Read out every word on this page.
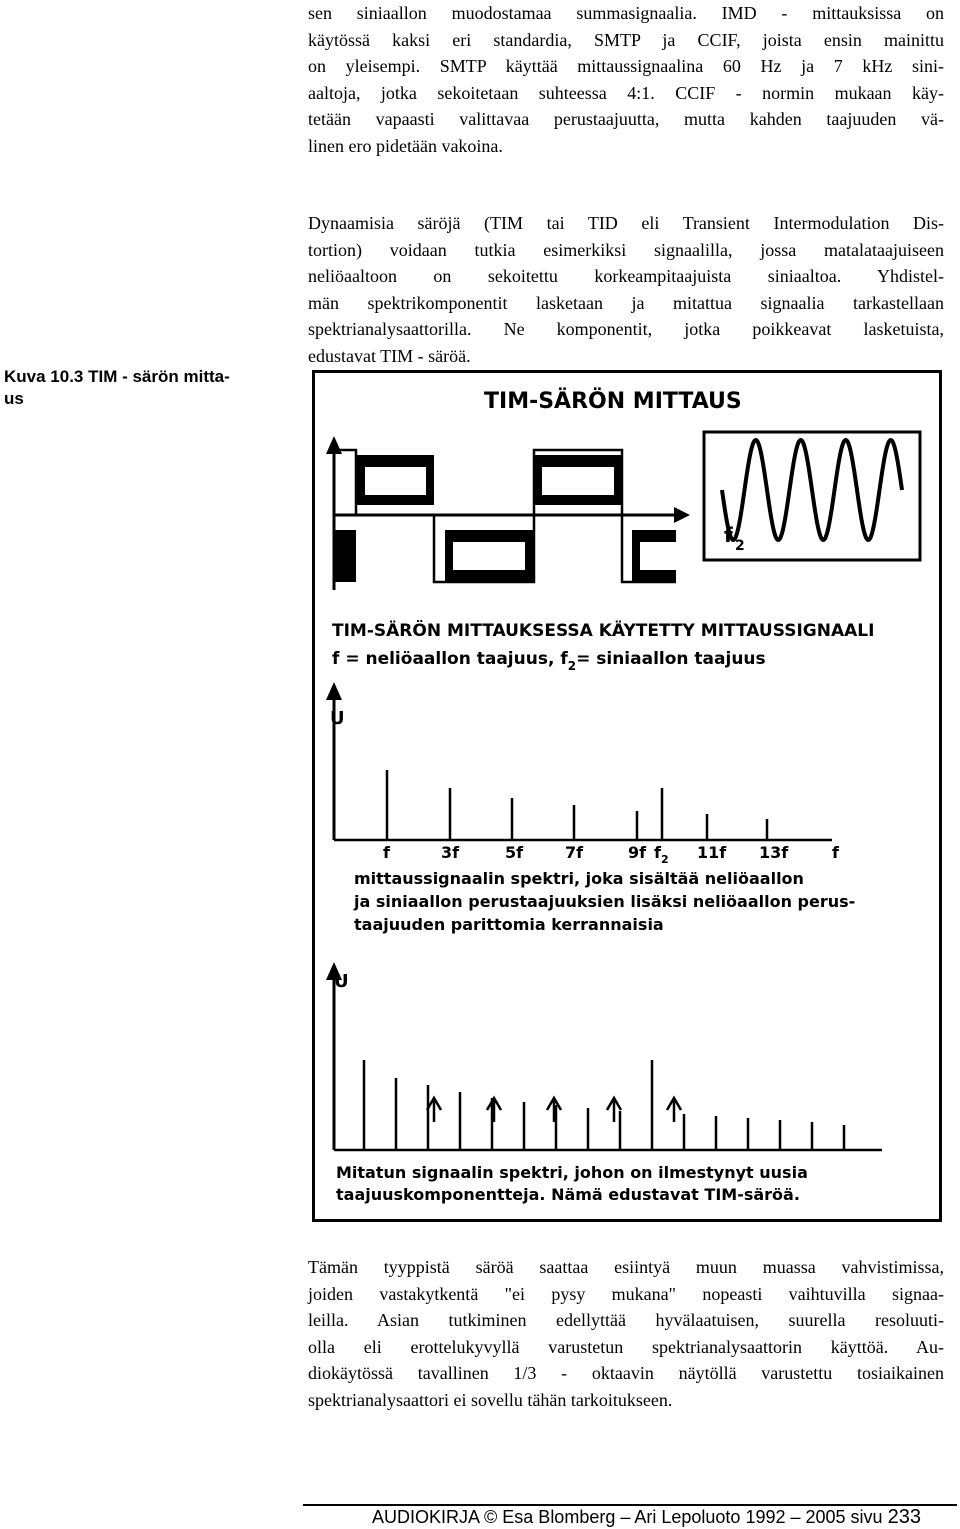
sen siniaallon muodostamaa summasignaalia. IMD - mittauksissa on
käytössä kaksi eri standardia, SMTP ja CCIF, joista ensin mainittu
on yleisempi. SMTP käyttää mittaussignaalina 60 Hz ja 7 kHz sini-
aaltoja, jotka sekoitetaan suhteessa 4:1. CCIF - normin mukaan käy-
tetään vapaasti valittavaa perustaajuutta, mutta kahden taajuuden vä-
linen ero pidetään vakoina.
Dynaamisia säröjä (TIM tai TID eli Transient Intermodulation Dis-
tortion) voidaan tutkia esimerkiksi signaalilla, jossa matalataajuiseen
neliöaaltoon on sekoitettu korkeampitaajuista siniaaltoa. Yhdistel-
män spektrikomponentit lasketaan ja mitattua signaalia tarkastellaan
spektrianalysaattorilla. Ne komponentit, jotka poikkeavat lasketuista,
edustavat TIM - säröä.
Kuva 10.3 TIM - särön mitta-
us	TIM-SÄRÖN MITTAUS
f 2
TIM-SÄRÖN MITTAUKSESSA KÄYTETTY MITTAUSSIGNAALI
f = neliöaallon taajuus, $f_2=$ siniaallon taajuus
U
f	3f	5f	7f	9f $f_2$ 11f 13f	f
mittaussignaalin spektri, joka sisältää neliöaallon
ja siniaallon perustaajuuksien lisäksi neliöaallon perus-
taajuuden parittomia kerrannaisia
U
Mitatun signaalin spektri, johon on ilmestynyt uusia
taajuuskomponentteja. Nämä edustavat TIM-säröä.
Tämän tyyppistä säröä saattaa esiintyä muun muassa vahvistimissa,
joiden vastakytkentä "ei pysy mukana" nopeasti vaihtuvilla signaa-
leilla. Asian tutkiminen edellyttää hyvälaatuisen, suurella resoluuti-
olla eli erottelukyvyllä varustetun spektrianalysaattorin käyttöä. Au-
diokäytössä tavallinen 1/3 - oktaavin näytöllä varustettu tosiaikainen
spektrianalysaattori ei sovellu tähän tarkoitukseen.
AUDIOKIRJA © Esa Blomberg – Ari Lepoluoto 1992 – 2005 sivu 233
